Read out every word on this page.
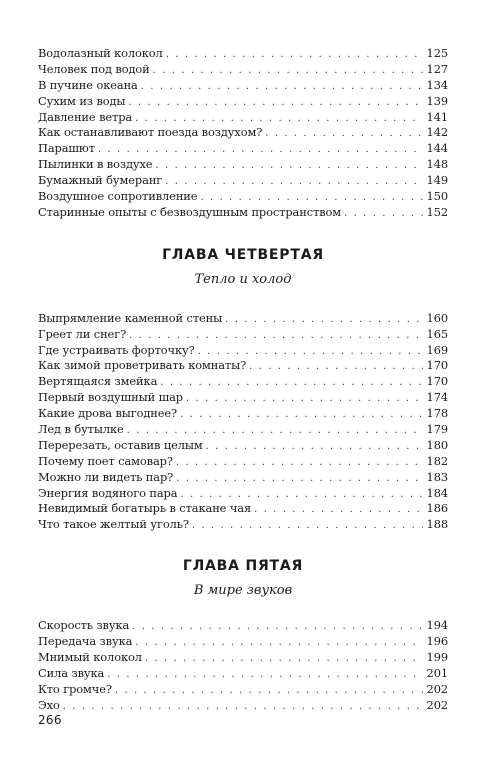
Водолазный колокол . . .	125
Человек под водой . . .	127
В пучине океана . . .	134
Сухим из воды . . .	139
Давление ветра . . .	141
Как останавливают поезда воздухом? . . .	142
Парашют . . .	144
Пылинки в воздухе . . .	148
Бумажный бумеранг . . .	149
Воздушное сопротивление . . .	150
Старинные опыты с безвоздушным пространством . . .	152
ГЛАВА ЧЕТВЕРТАЯ

Тепло и холод

Выпрямление каменной стены . . .	160
Греет ли снег? . . .	165
Где устраивать форточку? . . .	169
Как зимой проветривать комнаты? . . .	170
Вертящаяся змейка . . .	170
Первый воздушный шар . . .	174
Какие дрова выгоднее? . . .	178
Лед в бутылке . . .	179
Перерезать, оставив целым . . .	180
Почему поет самовар? . . .	182
Можно ли видеть пар? . . .	183
Энергия водяного пара . . .	184
Невидимый богатырь в стакане чая . . .	186
Что такое желтый уголь? . . .	188
ГЛАВА ПЯТАЯ

В мире звуков

Скорость звука . . .	194
Передача звука . . .	196
Мнимый колокол . . .	199
Сила звука . . .	201
Кто громче? . . .	202
Эхо . . .	202
266
